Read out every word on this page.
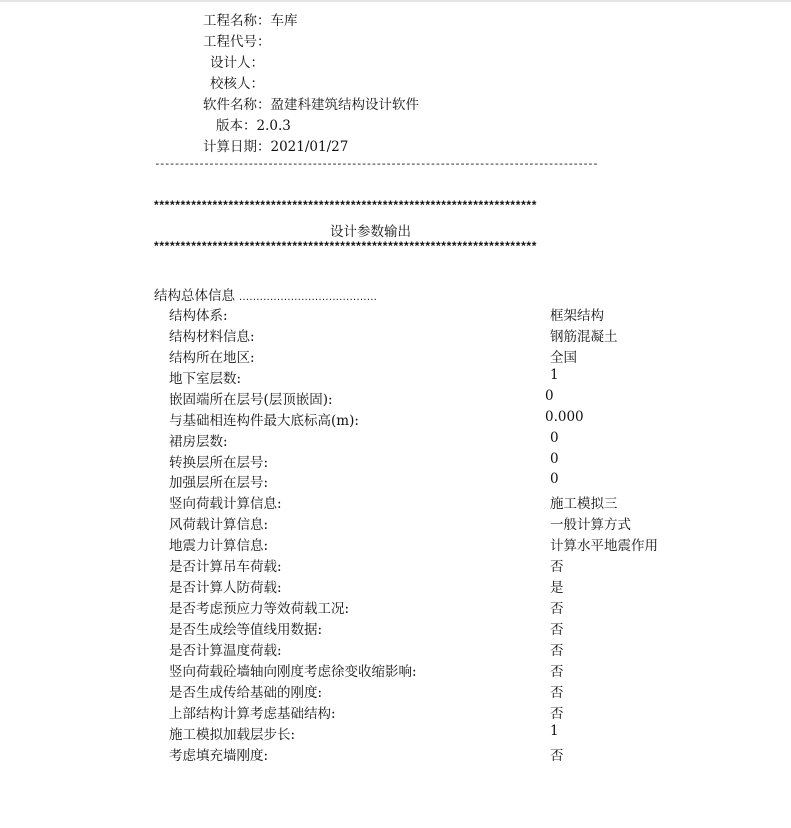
工程名称：车库
工程代号：
设计人：
校核人：
软件名称：盈建科建筑结构设计软件
版本：2.0.3
计算日期：2021/01/27
------------------------------------------------------------------------------------------
************************************************************************
设计参数输出
************************************************************************
结构总体信息 ........................................
结构体系:	框架结构
结构材料信息:	钢筋混凝土
结构所在地区:	全国
地下室层数:	1
嵌固端所在层号(层顶嵌固):	0
与基础相连构件最大底标高(m):	0.000
裙房层数:	0
转换层所在层号:	0
加强层所在层号:	0
竖向荷载计算信息:	施工模拟三
风荷载计算信息:	一般计算方式
地震力计算信息:	计算水平地震作用
是否计算吊车荷载:	否
是否计算人防荷载:	是
是否考虑预应力等效荷载工况:	否
是否生成绘等值线用数据:	否
是否计算温度荷载:	否
竖向荷载砼墙轴向刚度考虑徐变收缩影响:	否
是否生成传给基础的刚度:	否
上部结构计算考虑基础结构:	否
施工模拟加载层步长:	1
考虑填充墙刚度:	否
